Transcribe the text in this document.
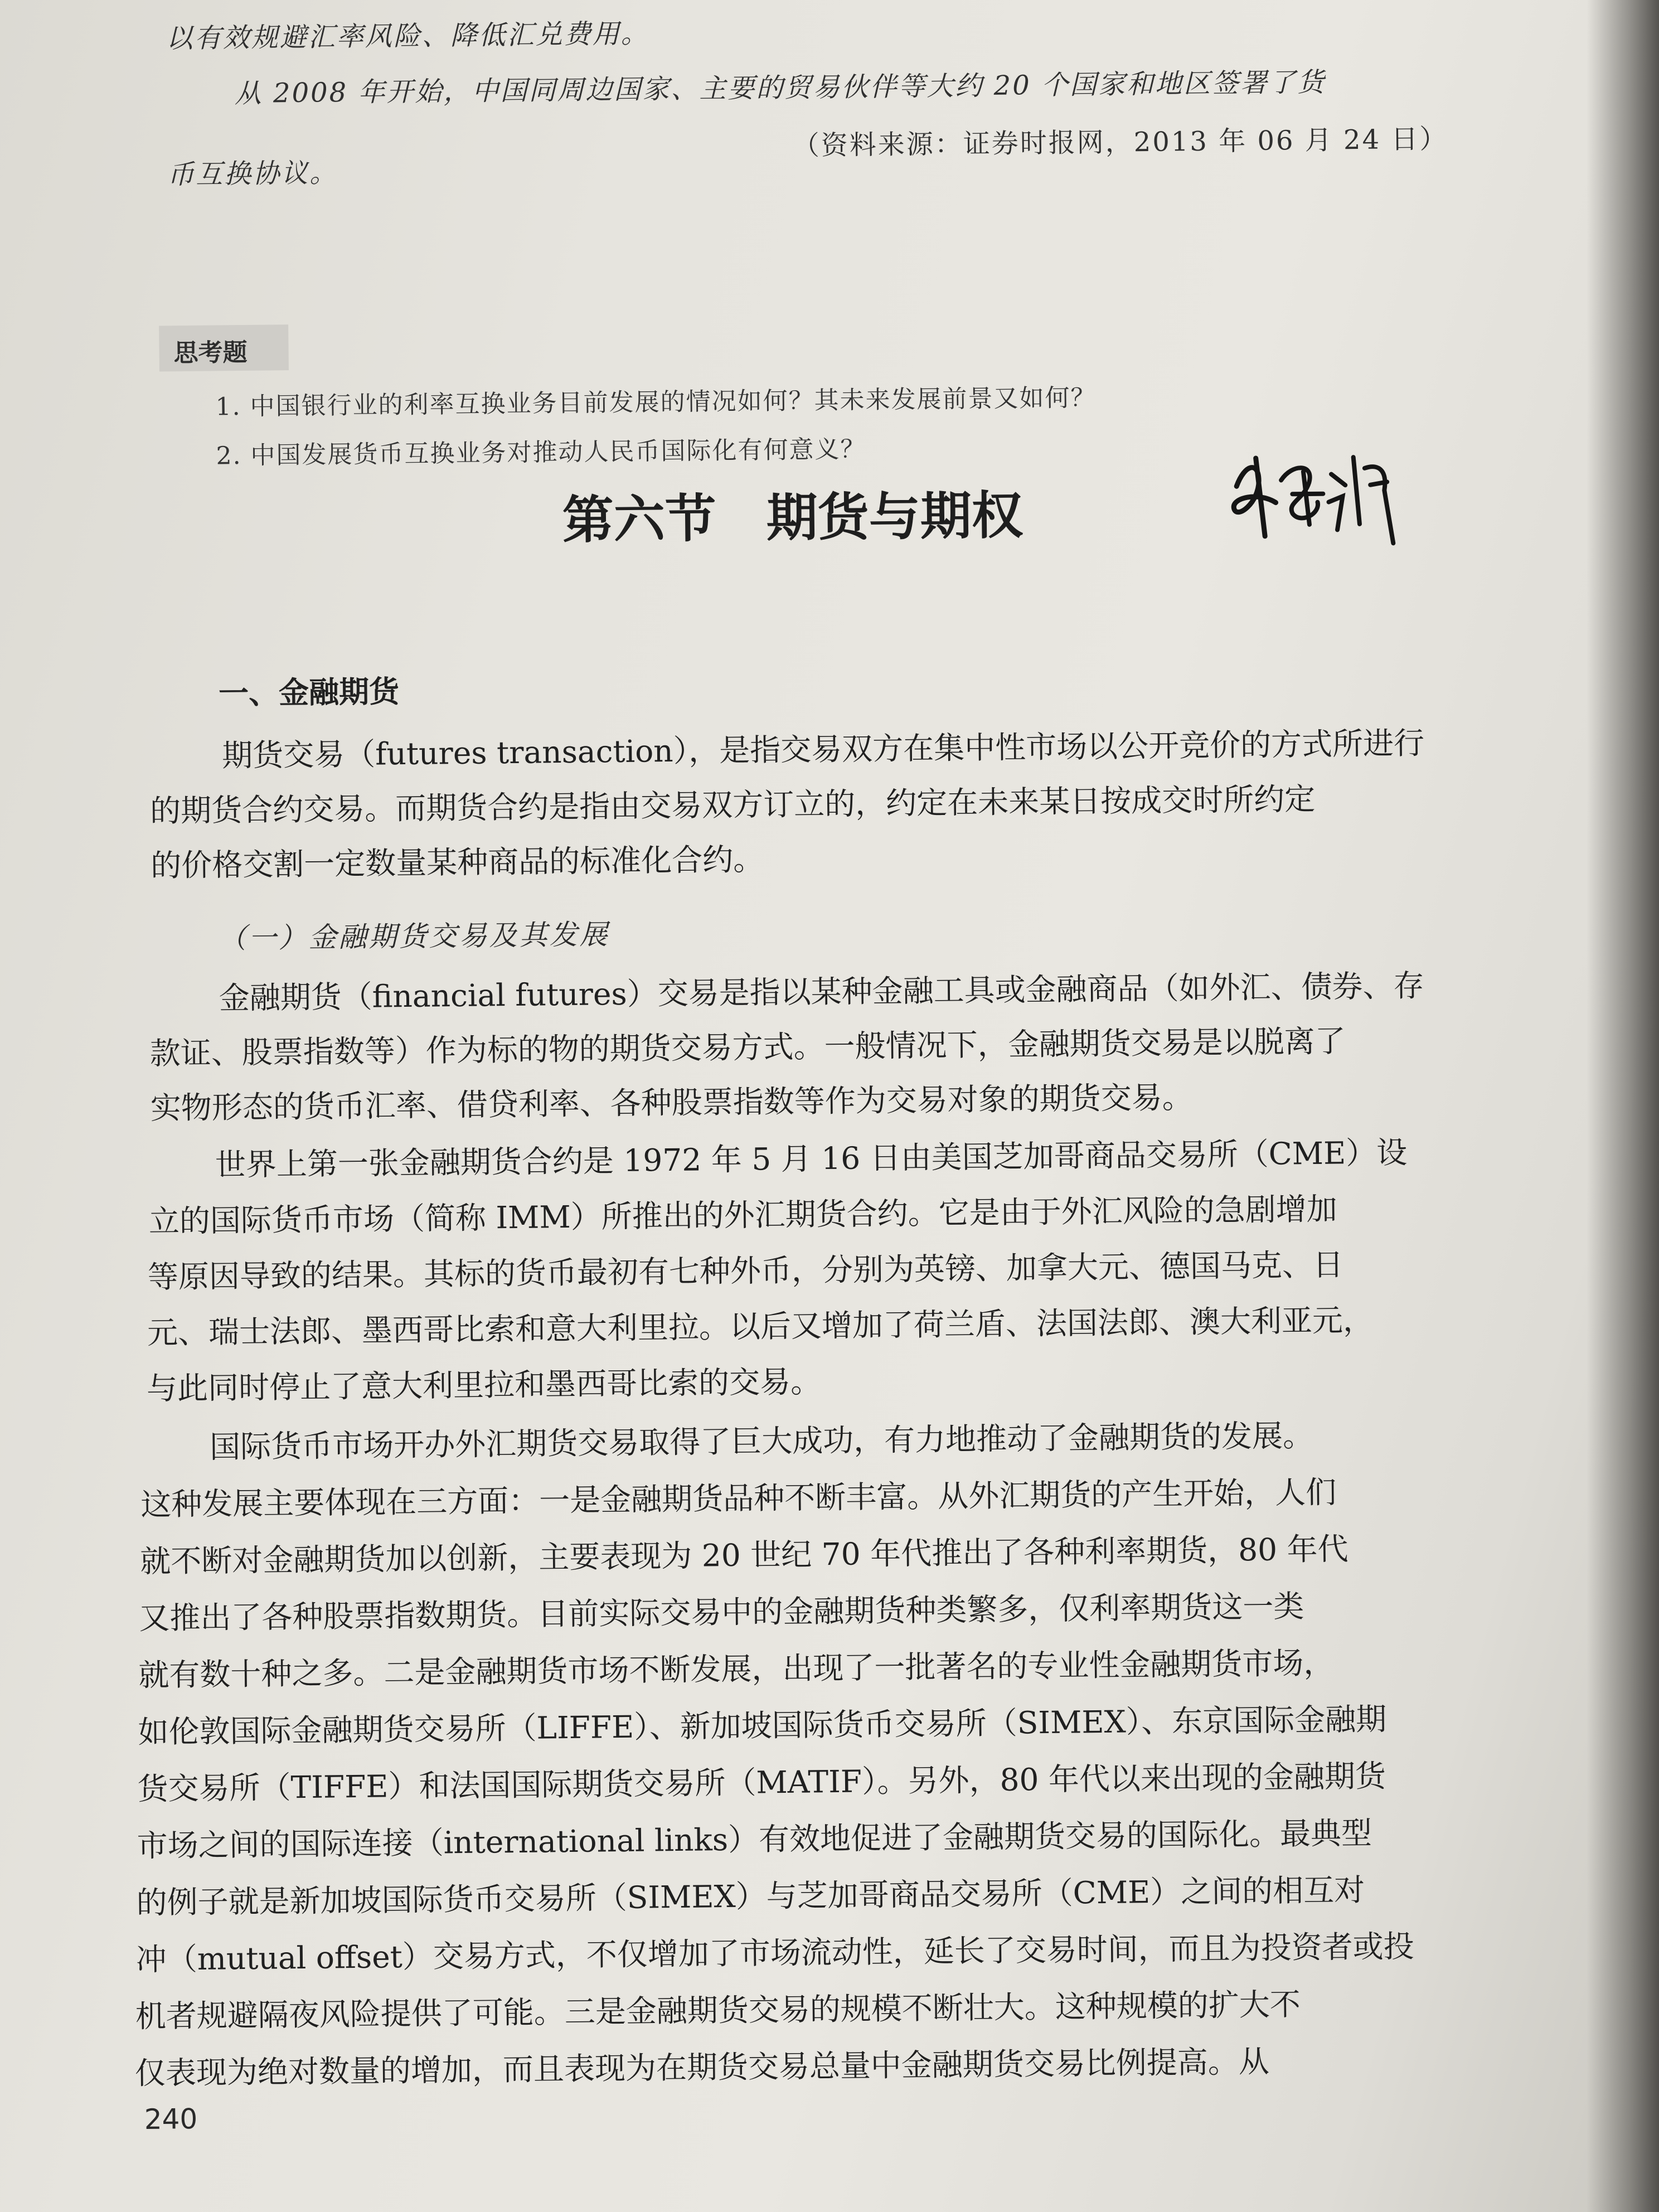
以有效规避汇率风险、降低汇兑费用。
从 2008 年开始，中国同周边国家、主要的贸易伙伴等大约 20 个国家和地区签署了货
币互换协议。
（资料来源：证券时报网，2013 年 06 月 24 日）
思考题
1. 中国银行业的利率互换业务目前发展的情况如何？其未来发展前景又如何？
2. 中国发展货币互换业务对推动人民币国际化有何意义？
第六节 期货与期权
一、金融期货
期货交易（futures transaction），是指交易双方在集中性市场以公开竞价的方式所进行
的期货合约交易。而期货合约是指由交易双方订立的，约定在未来某日按成交时所约定
的价格交割一定数量某种商品的标准化合约。
（一）金融期货交易及其发展
金融期货（financial futures）交易是指以某种金融工具或金融商品（如外汇、债券、存
款证、股票指数等）作为标的物的期货交易方式。一般情况下，金融期货交易是以脱离了
实物形态的货币汇率、借贷利率、各种股票指数等作为交易对象的期货交易。
世界上第一张金融期货合约是 1972 年 5 月 16 日由美国芝加哥商品交易所（CME）设
立的国际货币市场（简称 IMM）所推出的外汇期货合约。它是由于外汇风险的急剧增加
等原因导致的结果。其标的货币最初有七种外币，分别为英镑、加拿大元、德国马克、日
元、瑞士法郎、墨西哥比索和意大利里拉。以后又增加了荷兰盾、法国法郎、澳大利亚元，
与此同时停止了意大利里拉和墨西哥比索的交易。
国际货币市场开办外汇期货交易取得了巨大成功，有力地推动了金融期货的发展。
这种发展主要体现在三方面：一是金融期货品种不断丰富。从外汇期货的产生开始，人们
就不断对金融期货加以创新，主要表现为 20 世纪 70 年代推出了各种利率期货，80 年代
又推出了各种股票指数期货。目前实际交易中的金融期货种类繁多，仅利率期货这一类
就有数十种之多。二是金融期货市场不断发展，出现了一批著名的专业性金融期货市场，
如伦敦国际金融期货交易所（LIFFE）、新加坡国际货币交易所（SIMEX）、东京国际金融期
货交易所（TIFFE）和法国国际期货交易所（MATIF）。另外，80 年代以来出现的金融期货
市场之间的国际连接（international links）有效地促进了金融期货交易的国际化。最典型
的例子就是新加坡国际货币交易所（SIMEX）与芝加哥商品交易所（CME）之间的相互对
冲（mutual offset）交易方式，不仅增加了市场流动性，延长了交易时间，而且为投资者或投
机者规避隔夜风险提供了可能。三是金融期货交易的规模不断壮大。这种规模的扩大不
仅表现为绝对数量的增加，而且表现为在期货交易总量中金融期货交易比例提高。从
240
